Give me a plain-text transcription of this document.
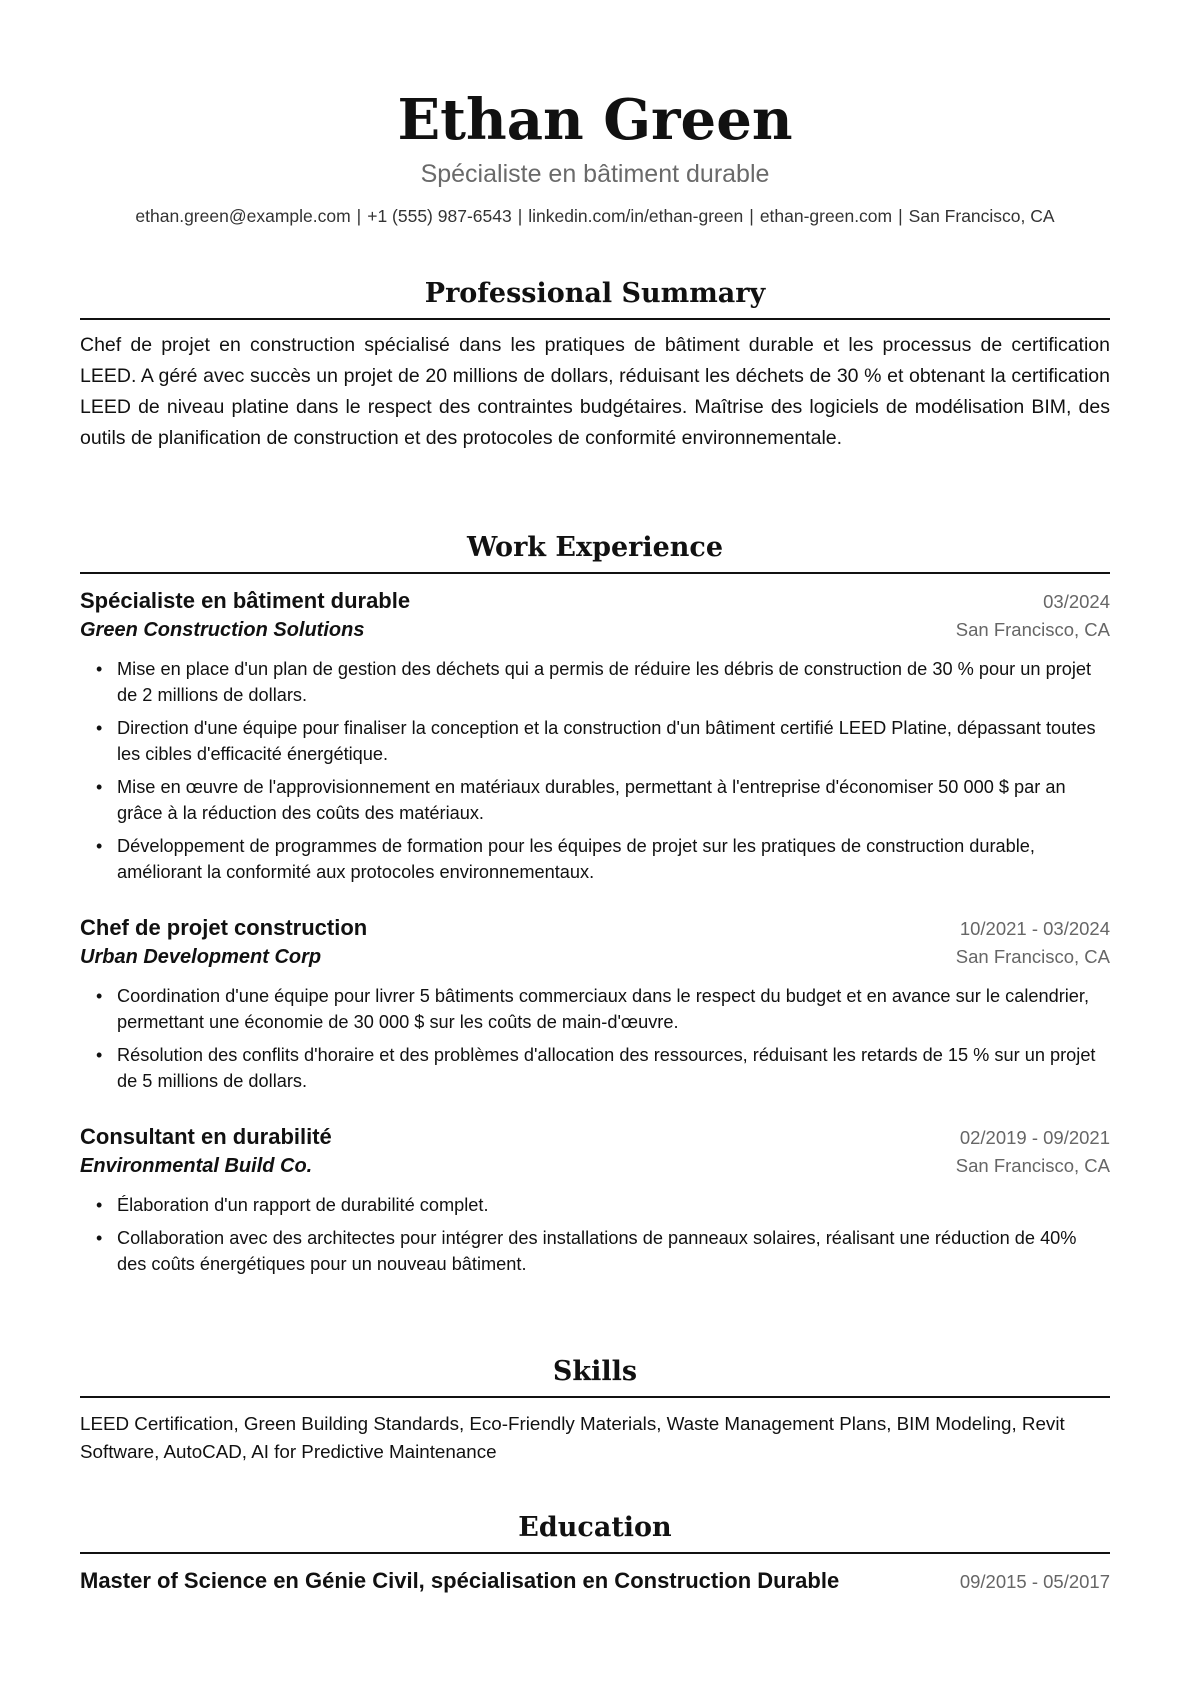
Ethan Green
Spécialiste en bâtiment durable
ethan.green@example.com | +1 (555) 987-6543 | linkedin.com/in/ethan-green | ethan-green.com | San Francisco, CA
Professional Summary
Chef de projet en construction spécialisé dans les pratiques de bâtiment durable et les processus de certification LEED. A géré avec succès un projet de 20 millions de dollars, réduisant les déchets de 30 % et obtenant la certification LEED de niveau platine dans le respect des contraintes budgétaires. Maîtrise des logiciels de modélisation BIM, des outils de planification de construction et des protocoles de conformité environnementale.
Work Experience
Spécialiste en bâtiment durable	03/2024
Green Construction Solutions	San Francisco, CA
• Mise en place d'un plan de gestion des déchets qui a permis de réduire les débris de construction de 30 % pour un projet de 2 millions de dollars.
• Direction d'une équipe pour finaliser la conception et la construction d'un bâtiment certifié LEED Platine, dépassant toutes les cibles d'efficacité énergétique.
• Mise en œuvre de l'approvisionnement en matériaux durables, permettant à l'entreprise d'économiser 50 000 $ par an grâce à la réduction des coûts des matériaux.
• Développement de programmes de formation pour les équipes de projet sur les pratiques de construction durable, améliorant la conformité aux protocoles environnementaux.
Chef de projet construction	10/2021 - 03/2024
Urban Development Corp	San Francisco, CA
• Coordination d'une équipe pour livrer 5 bâtiments commerciaux dans le respect du budget et en avance sur le calendrier, permettant une économie de 30 000 $ sur les coûts de main-d'œuvre.
• Résolution des conflits d'horaire et des problèmes d'allocation des ressources, réduisant les retards de 15 % sur un projet de 5 millions de dollars.
Consultant en durabilité	02/2019 - 09/2021
Environmental Build Co.	San Francisco, CA
• Élaboration d'un rapport de durabilité complet.
• Collaboration avec des architectes pour intégrer des installations de panneaux solaires, réalisant une réduction de 40% des coûts énergétiques pour un nouveau bâtiment.
Skills
LEED Certification, Green Building Standards, Eco-Friendly Materials, Waste Management Plans, BIM Modeling, Revit Software, AutoCAD, AI for Predictive Maintenance
Education
Master of Science en Génie Civil, spécialisation en Construction Durable	09/2015 - 05/2017
